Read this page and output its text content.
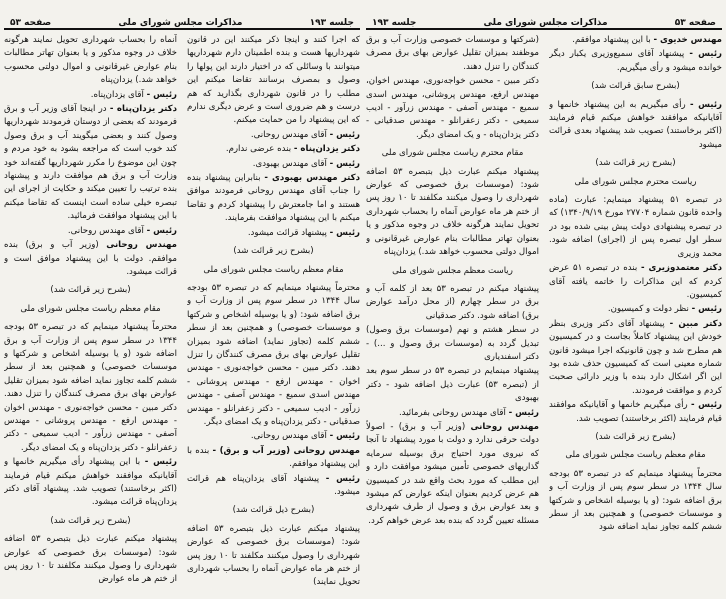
صفحه ۵۳	مذاکرات مجلس شورای ملی	جلسه ۱۹۳

که اجرا کنند و اینجا ذکر میکنند این در قانون شهرداریها هست و بنده اطمینان دارم شهرداریها میتوانند با وسائلی که در اختیار دارند این پولها را وصول و بمصرف برسانند تقاضا میکنم این مطلب را در قانون شهرداری بگذارید که هم درست و هم ضروری است و عرض دیگری ندارم که این پیشنهاد را من حمایت میکنم.

رئیس - آقای مهندس روحانی.

دکتر یزدان‌پناه - بنده عرضی ندارم.

رئیس - آقای مهندس بهبودی.

دکتر مهندس بهبودی - بنابراین پیشنهاد بنده را جناب آقای مهندس روحانی فرمودند موافق هستند و اما جامعترش را پیشنهاد کردم و تقاضا میکنم با این پیشنهاد موافقت بفرمایند.

رئیس - پیشنهاد قرائت میشود.

(بشرح زیر قرائت شد)

مقام معظم ریاست مجلس شورای ملی

محترماً پیشنهاد مینمایم که در تبصره ۵۳ بودجه سال ۱۳۴۴ در سطر سوم پس از وزارت آب و برق اضافه شود: (و یا بوسیله اشخاص و شرکتها و موسسات خصوصی) و همچنین بعد از سطر ششم کلمه (تجاوز نماید) اضافه شود بمیزان تقلیل عوارض بهای برق مصرف کنندگان را تنزل دهند. دکتر مبین - محسن خواجه‌نوری - مهندس اخوان - مهندس ارفع - مهندس پروشانی - مهندس اسدی سمیع - مهندس آصفی - مهندس زرآور - ادیب سمیعی - دکتر زعفرانلو - مهندس صدقیانی - دکتر یزدان‌پناه و یک امضای دیگر.

رئیس - آقای مهندس روحانی.

مهندس روحانی (وزیر آب و برق) - بنده با این پیشنهاد موافقم.

رئیس - پیشنهاد آقای یزدان‌پناه هم قرائت میشود.

(بشرح ذیل قرائت شد)

پیشنهاد میکنم عبارت ذیل بتبصره ۵۳ اضافه شود: (موسسات برق خصوصی که عوارض شهرداری را وصول میکنند مکلفند تا ۱۰ روز پس از ختم هر ماه عوارض آنماه را بحساب شهرداری تحویل نمایند)

آنماه را بحساب شهرداری تحویل نمایند هرگونه خلاف در وجوه مذکور و یا بعنوان تهاتر مطالبات بنام عوارض غیرقانونی و اموال دولتی محسوب خواهد شد.) یزدان‌پناه

رئیس - آقای یزدان‌پناه.

دکتر یزدان‌پناه - در اینجا آقای وزیر آب و برق فرمودند که بعضی از دوستان فرمودند شهرداریها وصول کنند و بعضی میگویند آب و برق وصول کند خوب است که مراجعه بشود به خود مردم و چون این موضوع را مکرر شهرداریها گفته‌اند خود وزارت آب و برق هم موافقت دارند و پیشنهاد بنده ترتیب را تعیین میکند و حکایت از اجرای این تبصره خیلی ساده است اینست که تقاضا میکنم با این پیشنهاد موافقت فرمائید.

رئیس - آقای مهندس روحانی.

مهندس روحانی (وزیر آب و برق) بنده موافقم. دولت با این پیشنهاد موافق است و قرائت میشود.

(بشرح زیر قرائت شد)

مقام معظم ریاست مجلس شورای ملی

محترماً پیشنهاد مینمایم که در تبصره ۵۳ بودجه ۱۳۴۴ در سطر سوم پس از وزارت آب و برق اضافه شود (و یا بوسیله اشخاص و شرکتها و موسسات خصوصی) و همچنین بعد از سطر ششم کلمه تجاوز نماید اضافه شود بمیزان تقلیل عوارض بهای برق مصرف کنندگان را تنزل دهند. دکتر مبین - محسن خواجه‌نوری - مهندس اخوان - مهندس ارفع - مهندس پروشانی - مهندس آصفی - مهندس زرآور - ادیب سمیعی - دکتر زعفرانلو - دکتر یزدان‌پناه و یک امضای دیگر.

رئیس - با این پیشنهاد رأی میگیریم خانمها و آقایانیکه موافقند خواهش میکنم قیام فرمایند (اکثر برخاستند) تصویب شد. پیشنهاد آقای دکتر یزدان‌پناه قرائت میشود.

(بشرح زیر قرائت شد)

پیشنهاد میکنم عبارت ذیل بتبصره ۵۳ اضافه شود: (موسسات برق خصوصی که عوارض شهرداری را وصول میکنند مکلفند تا ۱۰ روز پس از ختم هر ماه عوارض

جلسه ۱۹۳	مذاکرات مجلس شورای ملی	صفحه ۵۳

مهندس خدیوی - با این پیشنهاد موافقم.

رئیس - پیشنهاد آقای سمیع‌وزیری یکبار دیگر خوانده میشود و رأی میگیریم.

(بشرح سابق قرائت شد)

رئیس - رأی میگیریم به این پیشنهاد خانمها و آقایانیکه موافقند خواهش میکنم قیام فرمایند (اکثر برخاستند) تصویب شد پیشنهاد بعدی قرائت میشود

(بشرح زیر قرائت شد)

ریاست محترم مجلس شورای ملی

در تبصره ۵۱ پیشنهاد مینمایم: عبارت (ماده واحده قانون شماره ۲۷۷۰۴ مورخ ۱۳۴۰/۹/۱۹) که در تبصره پیشنهادی دولت پیش بینی شده بود در سطر اول تبصره پس از (اجرای) اضافه شود. محمد وزیری

دکتر معتمدوزیری - بنده در تبصره ۵۱ عرض کردم که این مذاکرات را خاتمه یافته آقای کمیسیون.

رئیس - نظر دولت و کمیسیون.

دکتر مبین - پیشنهاد آقای دکتر وزیری بنظر خودش این پیشنهاد کاملاً بجاست و در کمیسیون هم مطرح شد و چون قانونیکه اجرا میشود قانون شماره معینی است که کمیسیون حذف شده بود این اگر اشکال دارد بنده با وزیر دارائی صحبت کردم و موافقت فرمودند.

رئیس - رأی میگیریم خانمها و آقایانیکه موافقند قیام فرمایند (اکثر برخاستند) تصویب شد.

(بشرح زیر قرائت شد)

مقام معظم ریاست مجلس شورای ملی

محترماً پیشنهاد مینمایم که در تبصره ۵۳ بودجه سال ۱۳۴۴ در سطر سوم پس از وزارت آب و برق اضافه شود: (و یا بوسیله اشخاص و شرکتها و موسسات خصوصی) و همچنین بعد از سطر ششم کلمه تجاوز نماید اضافه شود

(شرکتها و موسسات خصوصی وزارت آب و برق موظفند بمیزان تقلیل عوارض بهای برق مصرف کنندگان را تنزل دهند.

دکتر مبین - محسن خواجه‌نوری، مهندس اخوان، مهندس ارفع، مهندس پروشانی، مهندس اسدی سمیع - مهندس آصفی - مهندس زرآور - ادیب سمیعی - دکتر زعفرانلو - مهندس صدقیانی - دکتر یزدان‌پناه - و یک امضای دیگر.

مقام محترم ریاست مجلس شورای ملی

پیشنهاد میکنم عبارت ذیل بتبصره ۵۳ اضافه شود: (موسسات برق خصوصی که عوارض شهرداری را وصول میکنند مکلفند تا ۱۰ روز پس از ختم هر ماه عوارض آنماه را بحساب شهرداری تحویل نمایند هرگونه خلاف در وجوه مذکور و یا بعنوان تهاتر مطالبات بنام عوارض غیرقانونی و اموال دولتی محسوب خواهد شد.) یزدان‌پناه

ریاست معظم مجلس شورای ملی

پیشنهاد میکنم در تبصره ۵۳ بعد از کلمه آب و برق در سطر چهارم (از محل درآمد عوارض برق) اضافه شود. دکتر صدقیانی

در سطر هشتم و نهم (موسسات برق وصول) تبدیل گردد به (موسسات برق وصول و ...) - دکتر اسفندیاری

پیشنهاد مینمایم در تبصره ۵۳ در سطر سوم بعد از (تبصره ۵۳) عبارت ذیل اضافه شود - دکتر بهبودی

رئیس - آقای مهندس روحانی بفرمائید.

مهندس روحانی (وزیر آب و برق) - اصولاً دولت حرفی ندارد و دولت با مورد پیشنهاد تا آنجا که نیروی مورد احتیاج برق بوسیله سرمایه گذاریهای خصوصی تأمین میشود موافقت دارد و این مطلب که مورد بحث واقع شد در کمیسیون هم عرض کردیم بعنوان اینکه عوارض کم میشود و بعد عوارض برق و وصول از طرف شهرداری مسئله تعیین گردد که بنده بعد عرض خواهم کرد.
